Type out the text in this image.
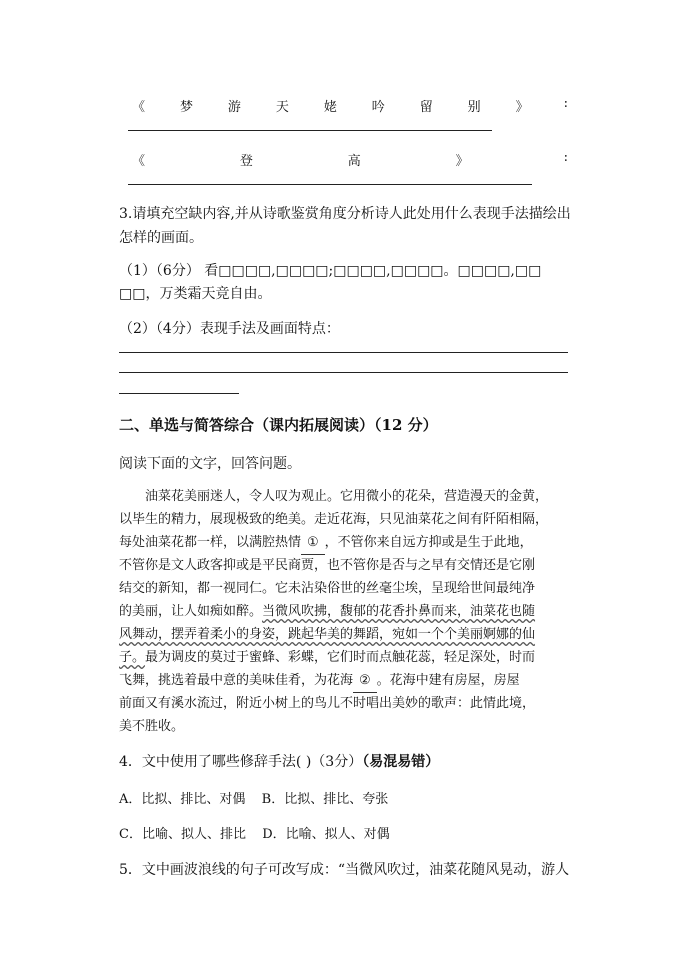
《	梦	游	天	姥	吟	留	别	》	:
《	登	高	》	:
3.请填充空缺内容,并从诗歌鉴赏角度分析诗人此处用什么表现手法描绘出
怎样的画面。
（1）（6分） 看□□□□,□□□□;□□□□,□□□□。□□□□,□□
□□，万类霜天竞自由。
（2）（4分）表现手法及画面特点：
二、单选与简答综合（课内拓展阅读）（12 分）
阅读下面的文字，回答问题。
油菜花美丽迷人，令人叹为观止。它用微小的花朵，营造漫天的金黄，
以毕生的精力，展现极致的绝美。走近花海，只见油菜花之间有阡陌相隔，
每处油菜花都一样，以满腔热情 ① ，不管你来自远方抑或是生于此地，
不管你是文人政客抑或是平民商贾，也不管你是否与之早有交情还是它刚
结交的新知，都一视同仁。它未沾染俗世的丝毫尘埃，呈现给世间最纯净
的美丽，让人如痴如醉。当微风吹拂，馥郁的花香扑鼻而来，油菜花也随
风舞动，摆弄着柔小的身姿，跳起华美的舞蹈，宛如一个个美丽婀娜的仙
子。最为调皮的莫过于蜜蜂、彩蝶，它们时而点触花蕊，轻足深处，时而
飞舞，挑选着最中意的美味佳肴，为花海 ② 。花海中建有房屋，房屋
前面又有溪水流过，附近小树上的鸟儿不时唱出美妙的歌声：此情此境，
美不胜收。
4．文中使用了哪些修辞手法( )（3分）（易混易错）
A．比拟、排比、对偶 B．比拟、排比、夸张
C．比喻、拟人、排比 D．比喻、拟人、对偶
5．文中画波浪线的句子可改写成：“当微风吹过，油菜花随风晃动，游人
